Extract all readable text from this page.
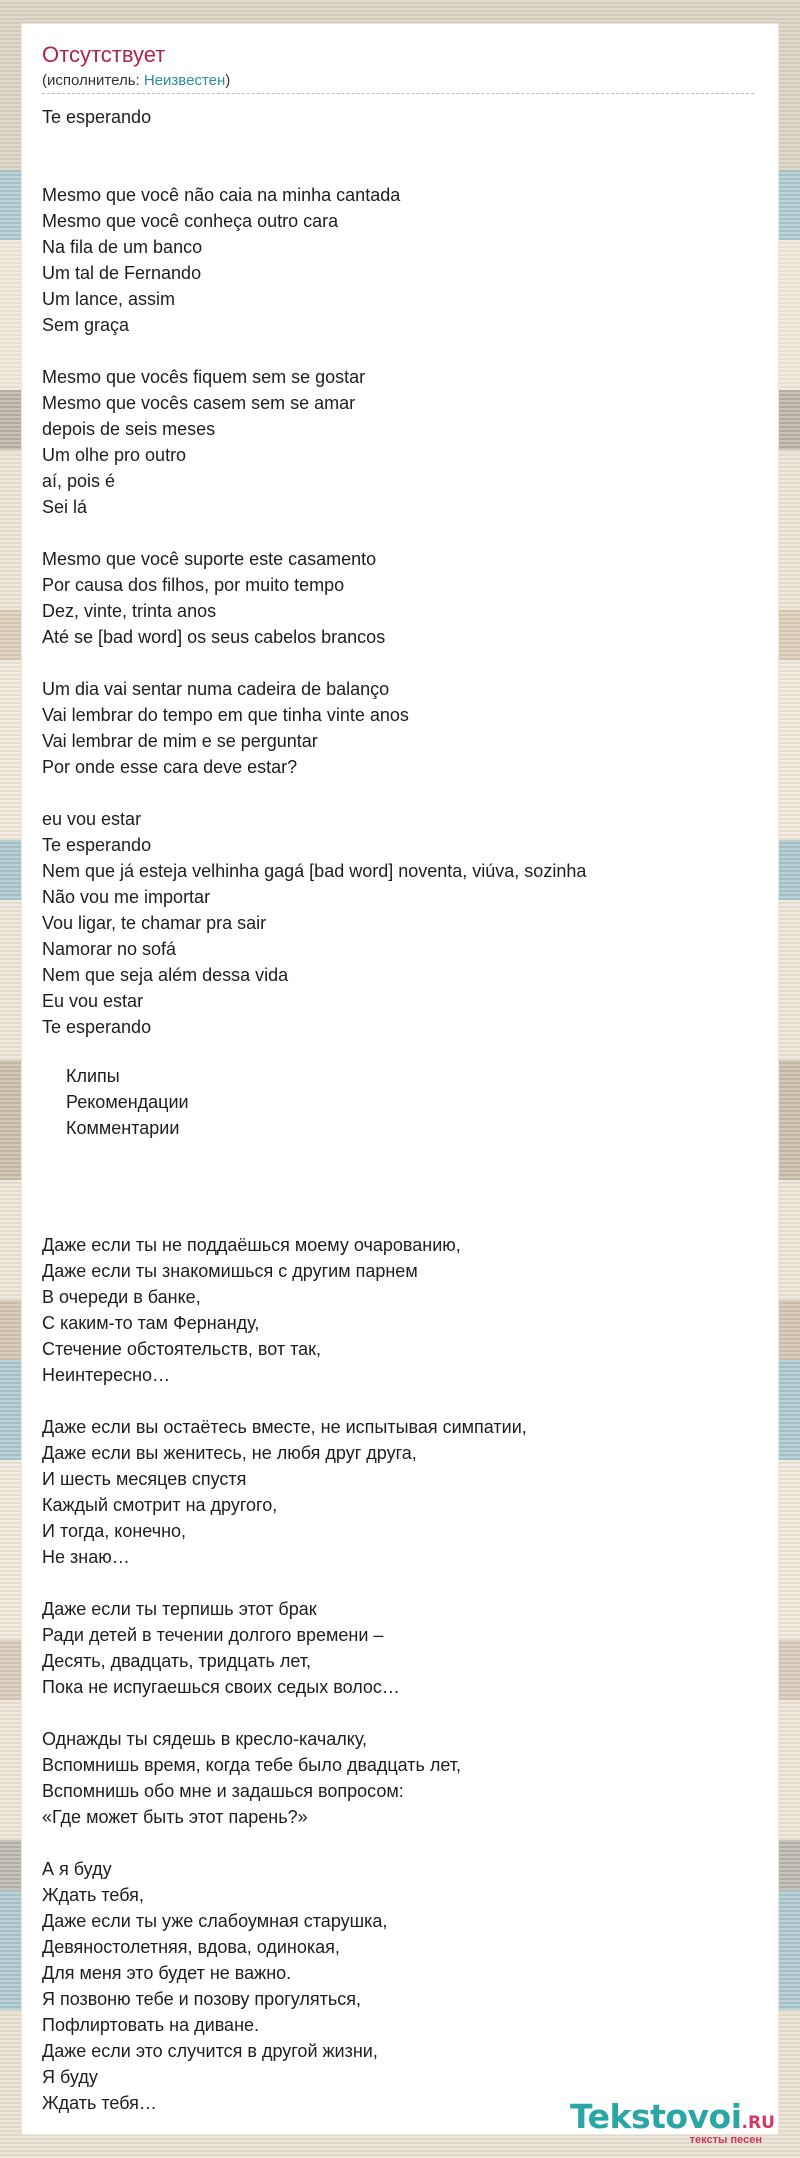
Отсутствует
(исполнитель: Неизвестен)
Te esperando
Mesmo que você não caia na minha cantada
Mesmo que você conheça outro cara
Na fila de um banco
Um tal de Fernando
Um lance, assim
Sem graça
Mesmo que vocês fiquem sem se gostar
Mesmo que vocês casem sem se amar
depois de seis meses
Um olhe pro outro
aí, pois é
Sei lá
Mesmo que você suporte este casamento
Por causa dos filhos, por muito tempo
Dez, vinte, trinta anos
Até se [bad word] os seus cabelos brancos
Um dia vai sentar numa cadeira de balanço
Vai lembrar do tempo em que tinha vinte anos
Vai lembrar de mim e se perguntar
Por onde esse cara deve estar?
eu vou estar
Te esperando
Nem que já esteja velhinha gagá [bad word] noventa, viúva, sozinha
Não vou me importar
Vou ligar, te chamar pra sair
Namorar no sofá
Nem que seja além dessa vida
Eu vou estar
Te esperando
Клипы
Рекомендации
Комментарии
Даже если ты не поддаёшься моему очарованию,
Даже если ты знакомишься с другим парнем
В очереди в банке,
С каким-то там Фернанду,
Стечение обстоятельств, вот так,
Неинтересно…
Даже если вы остаётесь вместе, не испытывая симпатии,
Даже если вы женитесь, не любя друг друга,
И шесть месяцев спустя
Каждый смотрит на другого,
И тогда, конечно,
Не знаю…
Даже если ты терпишь этот брак
Ради детей в течении долгого времени –
Десять, двадцать, тридцать лет,
Пока не испугаешься своих седых волос…
Однажды ты сядешь в кресло-качалку,
Вспомнишь время, когда тебе было двадцать лет,
Вспомнишь обо мне и задашься вопросом:
«Где может быть этот парень?»
А я буду
Ждать тебя,
Даже если ты уже слабоумная старушка,
Девяностолетняя, вдова, одинокая,
Для меня это будет не важно.
Я позвоню тебе и позову прогуляться,
Пофлиртовать на диване.
Даже если это случится в другой жизни,
Я буду
Ждать тебя…	Tekstovoi.RU
тексты песен
